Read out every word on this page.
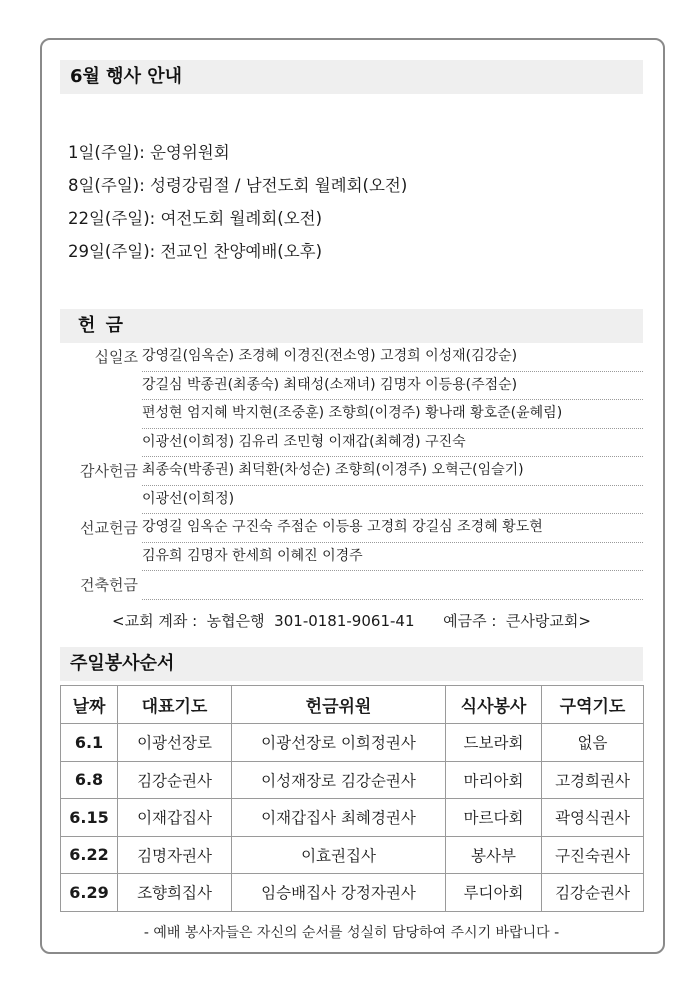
6월 행사 안내
1일(주일): 운영위원회
8일(주일): 성령강림절 / 남전도회 월례회(오전)
22일(주일): 여전도회 월례회(오전)
29일(주일): 전교인 찬양예배(오후)
헌 금
십일조 강영길(임옥순) 조경혜 이경진(전소영) 고경희 이성재(김강순)
강길심 박종권(최종숙) 최태성(소재녀) 김명자 이등용(주점순)
편성현 엄지혜 박지현(조중훈) 조향희(이경주) 황나래 황호준(윤혜림)
이광선(이희정) 김유리 조민형 이재갑(최혜경) 구진숙
감사헌금 최종숙(박종권) 최덕환(차성순) 조향희(이경주) 오혁근(임슬기)
이광선(이희정)
선교헌금 강영길 임옥순 구진숙 주점순 이등용 고경희 강길심 조경혜 황도현
김유희 김명자 한세희 이혜진 이경주
건축헌금
<교회 계좌 :  농협은행  301-0181-9061-41      예금주 :  큰사랑교회>
주일봉사순서
날짜	대표기도	헌금위원	식사봉사	구역기도
6.1	이광선장로	이광선장로 이희정권사	드보라회	없음
6.8	김강순권사	이성재장로 김강순권사	마리아회	고경희권사
6.15	이재갑집사	이재갑집사 최혜경권사	마르다회	곽영식권사
6.22	김명자권사	이효권집사	봉사부	구진숙권사
6.29	조향희집사	임승배집사 강정자권사	루디아회	김강순권사
- 예배 봉사자들은 자신의 순서를 성실히 담당하여 주시기 바랍니다 -
